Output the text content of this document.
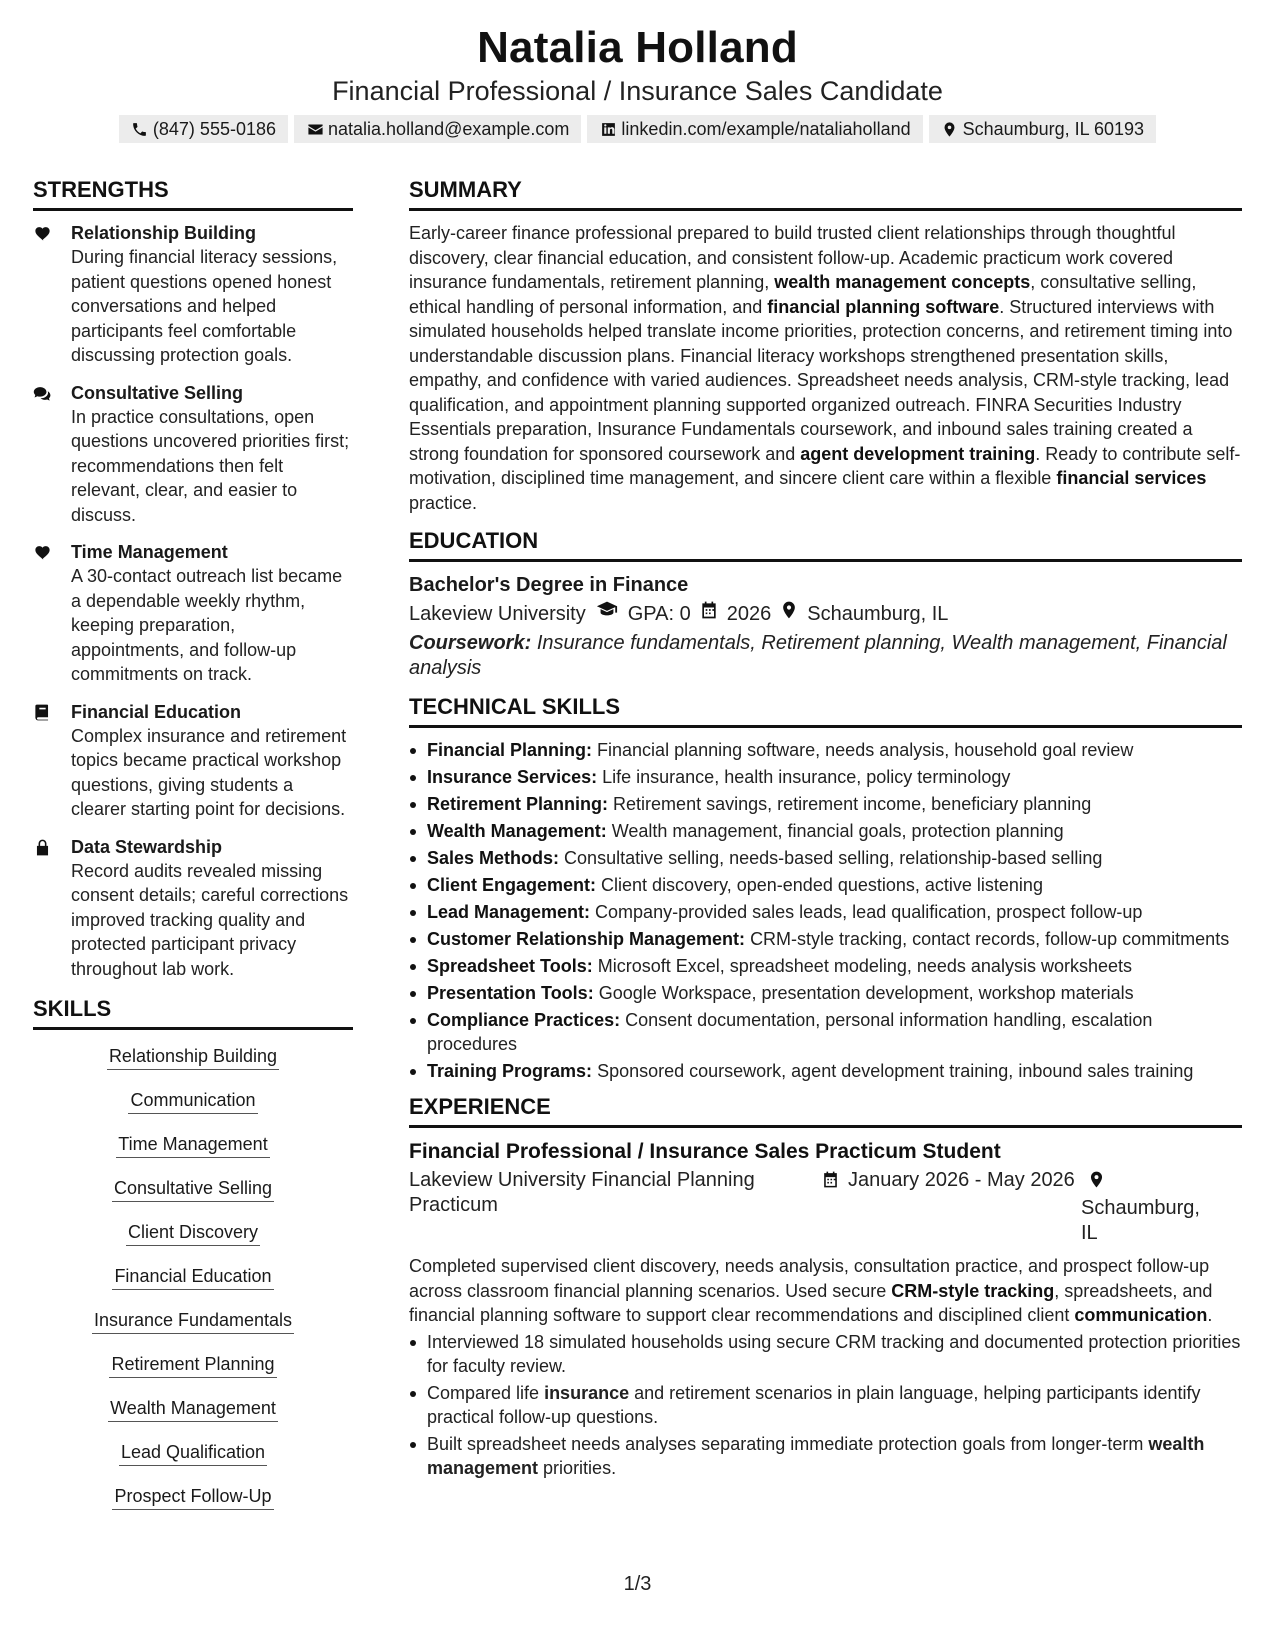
Natalia Holland
Financial Professional / Insurance Sales Candidate
(847) 555-0186	natalia.holland@example.com	linkedin.com/example/nataliaholland	Schaumburg, IL 60193
STRENGTHS
Relationship Building
During financial literacy sessions, patient questions opened honest conversations and helped participants feel comfortable discussing protection goals.
Consultative Selling
In practice consultations, open questions uncovered priorities first; recommendations then felt relevant, clear, and easier to discuss.
Time Management
A 30-contact outreach list became a dependable weekly rhythm, keeping preparation, appointments, and follow-up commitments on track.
Financial Education
Complex insurance and retirement topics became practical workshop questions, giving students a clearer starting point for decisions.
Data Stewardship
Record audits revealed missing consent details; careful corrections improved tracking quality and protected participant privacy throughout lab work.
SKILLS
Relationship Building
Communication
Time Management
Consultative Selling
Client Discovery
Financial Education
Insurance Fundamentals
Retirement Planning
Wealth Management
Lead Qualification
Prospect Follow-Up
SUMMARY
Early-career finance professional prepared to build trusted client relationships through thoughtful discovery, clear financial education, and consistent follow-up. Academic practicum work covered insurance fundamentals, retirement planning, wealth management concepts, consultative selling, ethical handling of personal information, and financial planning software. Structured interviews with simulated households helped translate income priorities, protection concerns, and retirement timing into understandable discussion plans. Financial literacy workshops strengthened presentation skills, empathy, and confidence with varied audiences. Spreadsheet needs analysis, CRM-style tracking, lead qualification, and appointment planning supported organized outreach. FINRA Securities Industry Essentials preparation, Insurance Fundamentals coursework, and inbound sales training created a strong foundation for sponsored coursework and agent development training. Ready to contribute self-motivation, disciplined time management, and sincere client care within a flexible financial services practice.
EDUCATION
Bachelor's Degree in Finance
Lakeview University GPA: 0 2026 Schaumburg, IL
Coursework: Insurance fundamentals, Retirement planning, Wealth management, Financial analysis
TECHNICAL SKILLS
Financial Planning: Financial planning software, needs analysis, household goal review
Insurance Services: Life insurance, health insurance, policy terminology
Retirement Planning: Retirement savings, retirement income, beneficiary planning
Wealth Management: Wealth management, financial goals, protection planning
Sales Methods: Consultative selling, needs-based selling, relationship-based selling
Client Engagement: Client discovery, open-ended questions, active listening
Lead Management: Company-provided sales leads, lead qualification, prospect follow-up
Customer Relationship Management: CRM-style tracking, contact records, follow-up commitments
Spreadsheet Tools: Microsoft Excel, spreadsheet modeling, needs analysis worksheets
Presentation Tools: Google Workspace, presentation development, workshop materials
Compliance Practices: Consent documentation, personal information handling, escalation procedures
Training Programs: Sponsored coursework, agent development training, inbound sales training
EXPERIENCE
Financial Professional / Insurance Sales Practicum Student
Lakeview University Financial Planning Practicum
January 2026 - May 2026
Schaumburg, IL
Completed supervised client discovery, needs analysis, consultation practice, and prospect follow-up across classroom financial planning scenarios. Used secure CRM-style tracking, spreadsheets, and financial planning software to support clear recommendations and disciplined client communication.
Interviewed 18 simulated households using secure CRM tracking and documented protection priorities for faculty review.
Compared life insurance and retirement scenarios in plain language, helping participants identify practical follow-up questions.
Built spreadsheet needs analyses separating immediate protection goals from longer-term wealth management priorities.
1/3
